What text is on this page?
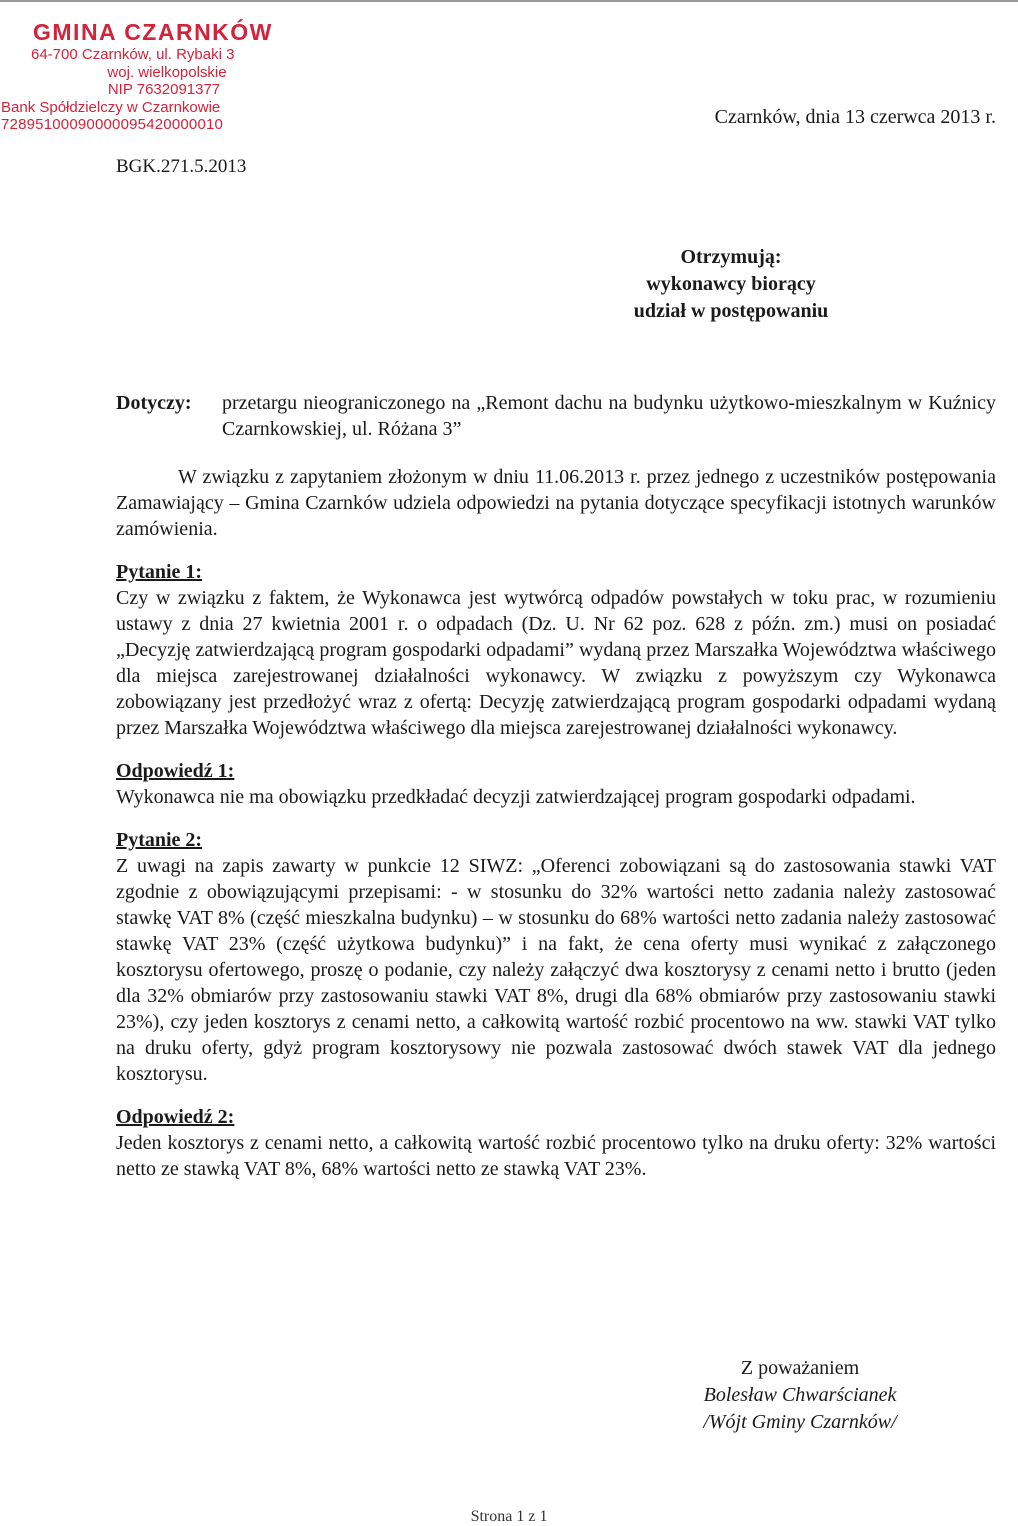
GMINA CZARNKÓW
64-700 Czarnków, ul. Rybaki 3
woj. wielkopolskie
NIP 7632091377
Bank Spółdzielczy w Czarnkowie
72895100090000095420000010
BGK.271.5.2013
Czarnków, dnia 13 czerwca 2013 r.
Otrzymują:
wykonawcy biorący
udział w postępowaniu
Dotyczy: przetargu nieograniczonego na „Remont dachu na budynku użytkowo-mieszkalnym w Kuźnicy Czarnkowskiej, ul. Różana 3”

W związku z zapytaniem złożonym w dniu 11.06.2013 r. przez jednego z uczestników postępowania Zamawiający – Gmina Czarnków udziela odpowiedzi na pytania dotyczące specyfikacji istotnych warunków zamówienia.

Pytanie 1:

Czy w związku z faktem, że Wykonawca jest wytwórcą odpadów powstałych w toku prac, w rozumieniu ustawy z dnia 27 kwietnia 2001 r. o odpadach (Dz. U. Nr 62 poz. 628 z późn. zm.) musi on posiadać „Decyzję zatwierdzającą program gospodarki odpadami” wydaną przez Marszałka Województwa właściwego dla miejsca zarejestrowanej działalności wykonawcy. W związku z powyższym czy Wykonawca zobowiązany jest przedłożyć wraz z ofertą: Decyzję zatwierdzającą program gospodarki odpadami wydaną przez Marszałka Województwa właściwego dla miejsca zarejestrowanej działalności wykonawcy.

Odpowiedź 1:

Wykonawca nie ma obowiązku przedkładać decyzji zatwierdzającej program gospodarki odpadami.

Pytanie 2:

Z uwagi na zapis zawarty w punkcie 12 SIWZ: „Oferenci zobowiązani są do zastosowania stawki VAT zgodnie z obowiązującymi przepisami: - w stosunku do 32% wartości netto zadania należy zastosować stawkę VAT 8% (część mieszkalna budynku) – w stosunku do 68% wartości netto zadania należy zastosować stawkę VAT 23% (część użytkowa budynku)” i na fakt, że cena oferty musi wynikać z załączonego kosztorysu ofertowego, proszę o podanie, czy należy załączyć dwa kosztorysy z cenami netto i brutto (jeden dla 32% obmiarów przy zastosowaniu stawki VAT 8%, drugi dla 68% obmiarów przy zastosowaniu stawki 23%), czy jeden kosztorys z cenami netto, a całkowitą wartość rozbić procentowo na ww. stawki VAT tylko na druku oferty, gdyż program kosztorysowy nie pozwala zastosować dwóch stawek VAT dla jednego kosztorysu.

Odpowiedź 2:

Jeden kosztorys z cenami netto, a całkowitą wartość rozbić procentowo tylko na druku oferty: 32% wartości netto ze stawką VAT 8%, 68% wartości netto ze stawką VAT 23%.

Z poważaniem
Bolesław Chwarścianek
/Wójt Gminy Czarnków/
Strona 1 z 1
